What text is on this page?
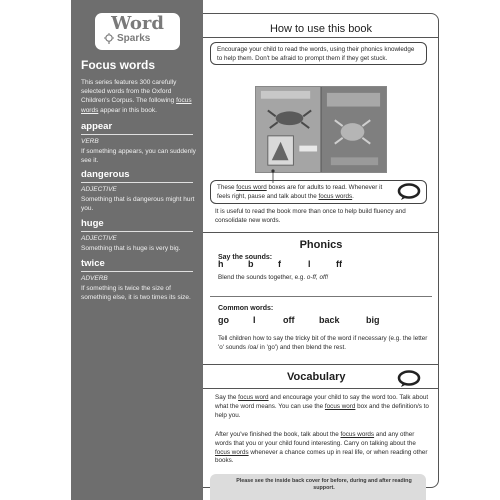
Word
Sparks
Focus words
This series features 300 carefully selected words from the Oxford Children's Corpus. The following focus words appear in this book.
appear
VERB
If something appears, you can suddenly see it.
dangerous
ADJECTIVE
Something that is dangerous might hurt you.
huge
ADJECTIVE
Something that is huge is very big.
twice
ADVERB
If something is twice the size of something else, it is two times its size.
How to use this book
Encourage your child to read the words, using their phonics knowledge to help them. Don't be afraid to prompt them if they get stuck.
These focus word boxes are for adults to read. Whenever it feels right, pause and talk about the focus words.
It is useful to read the book more than once to help build fluency and consolidate new words.
Phonics
Say the sounds:
h	b	f	l	ff
Blend the sounds together, e.g. o-ff, off!
Common words:
go	I	off	back	big
Tell children how to say the tricky bit of the word if necessary (e.g. the letter 'o' sounds /oa/ in 'go') and then blend the rest.
Vocabulary
Say the focus word and encourage your child to say the word too. Talk about what the word means. You can use the focus word box and the definition/s to help you.
After you've finished the book, talk about the focus words and any other words that you or your child found interesting. Carry on talking about the focus words whenever a chance comes up in real life, or when reading other books.
Please see the inside back cover for before, during and after reading support.
